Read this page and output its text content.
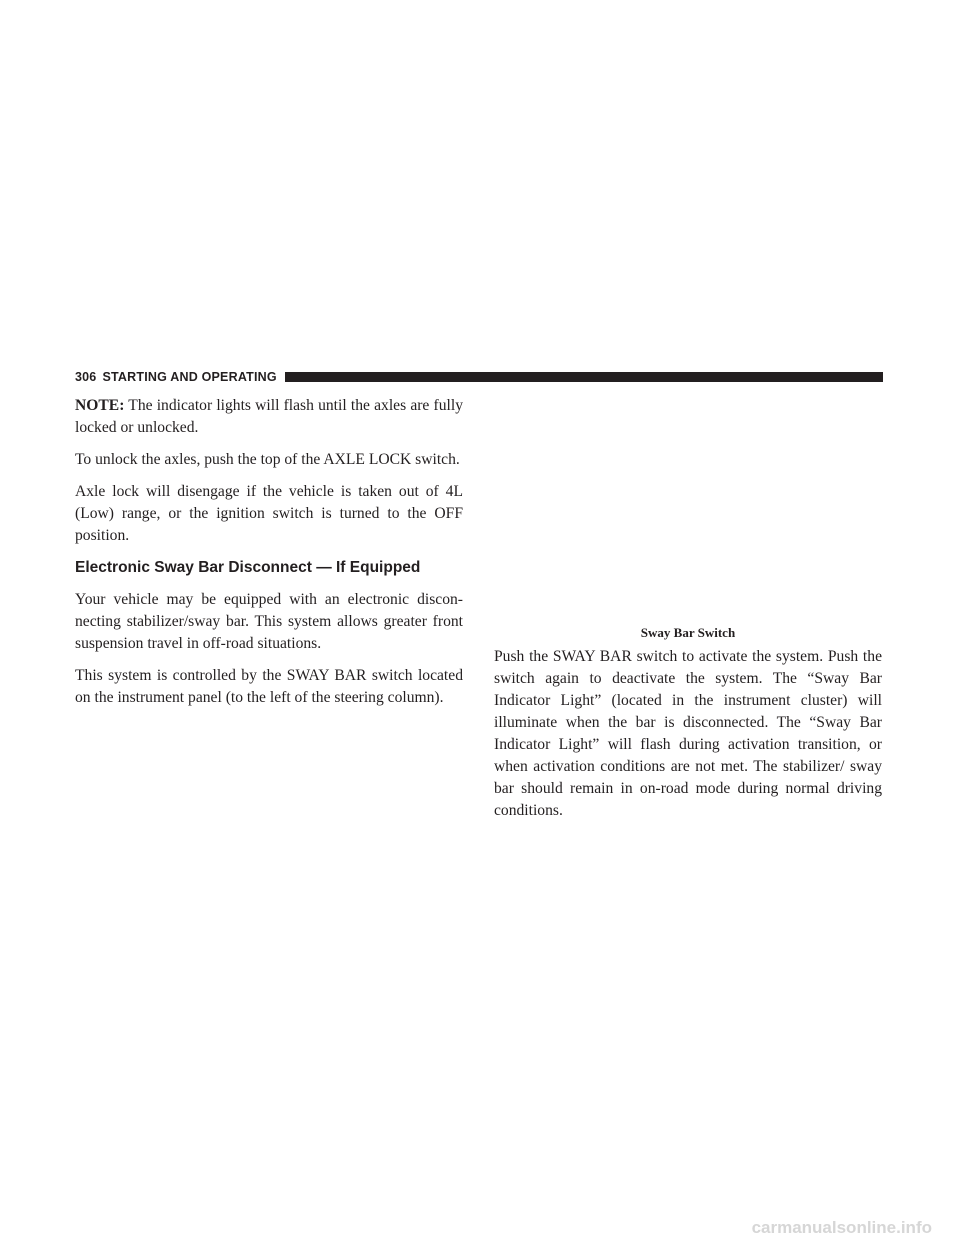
306 STARTING AND OPERATING

NOTE: The indicator lights will flash until the axles are fully locked or unlocked.

To unlock the axles, push the top of the AXLE LOCK switch.

Axle lock will disengage if the vehicle is taken out of 4L (Low) range, or the ignition switch is turned to the OFF position.

Electronic Sway Bar Disconnect — If Equipped

Your vehicle may be equipped with an electronic disconnecting stabilizer/sway bar. This system allows greater front suspension travel in off-road situations.

This system is controlled by the SWAY BAR switch located on the instrument panel (to the left of the steering column).

Sway Bar Switch

Push the SWAY BAR switch to activate the system. Push the switch again to deactivate the system. The “Sway Bar Indicator Light” (located in the instrument cluster) will illuminate when the bar is disconnected. The “Sway Bar Indicator Light” will flash during activation transition, or when activation conditions are not met. The stabilizer/ sway bar should remain in on-road mode during normal driving conditions.

carmanualsonline.info
